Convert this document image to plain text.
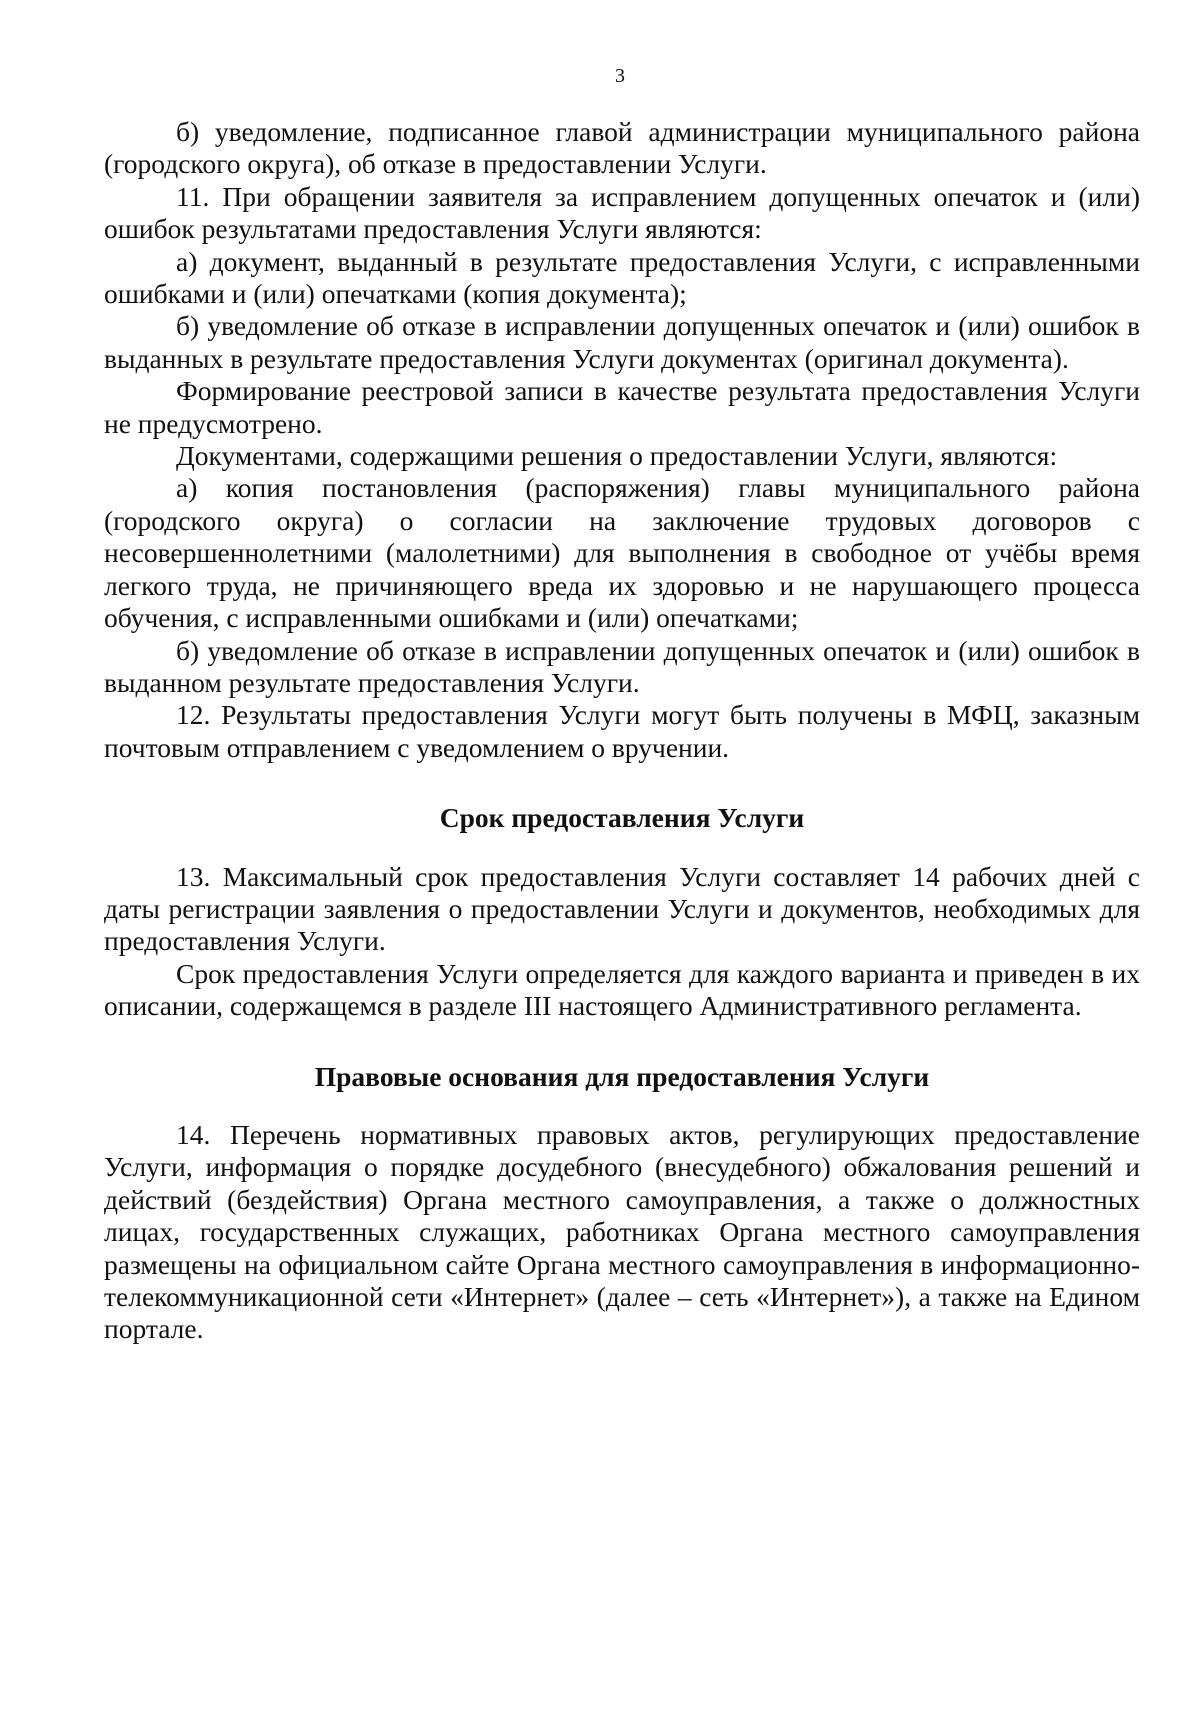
3

б) уведомление, подписанное главой администрации муниципального района (городского округа), об отказе в предоставлении Услуги.

11. При обращении заявителя за исправлением допущенных опечаток и (или) ошибок результатами предоставления Услуги являются:

а) документ, выданный в результате предоставления Услуги, с исправленными ошибками и (или) опечатками (копия документа);

б) уведомление об отказе в исправлении допущенных опечаток и (или) ошибок в выданных в результате предоставления Услуги документах (оригинал документа).

Формирование реестровой записи в качестве результата предоставления Услуги не предусмотрено.

Документами, содержащими решения о предоставлении Услуги, являются:

а) копия постановления (распоряжения) главы муниципального района (городского округа) о согласии на заключение трудовых договоров с несовершеннолетними (малолетними) для выполнения в свободное от учёбы время легкого труда, не причиняющего вреда их здоровью и не нарушающего процесса обучения, с исправленными ошибками и (или) опечатками;

б) уведомление об отказе в исправлении допущенных опечаток и (или) ошибок в выданном результате предоставления Услуги.

12. Результаты предоставления Услуги могут быть получены в МФЦ, заказным почтовым отправлением с уведомлением о вручении.

Срок предоставления Услуги

13. Максимальный срок предоставления Услуги составляет 14 рабочих дней с даты регистрации заявления о предоставлении Услуги и документов, необходимых для предоставления Услуги.

Срок предоставления Услуги определяется для каждого варианта и приведен в их описании, содержащемся в разделе III настоящего Административного регламента.

Правовые основания для предоставления Услуги

14. Перечень нормативных правовых актов, регулирующих предоставление Услуги, информация о порядке досудебного (внесудебного) обжалования решений и действий (бездействия) Органа местного самоуправления, а также о должностных лицах, государственных служащих, работниках Органа местного самоуправления размещены на официальном сайте Органа местного самоуправления в информационно-телекоммуникационной сети «Интернет» (далее – сеть «Интернет»), а также на Едином портале.
